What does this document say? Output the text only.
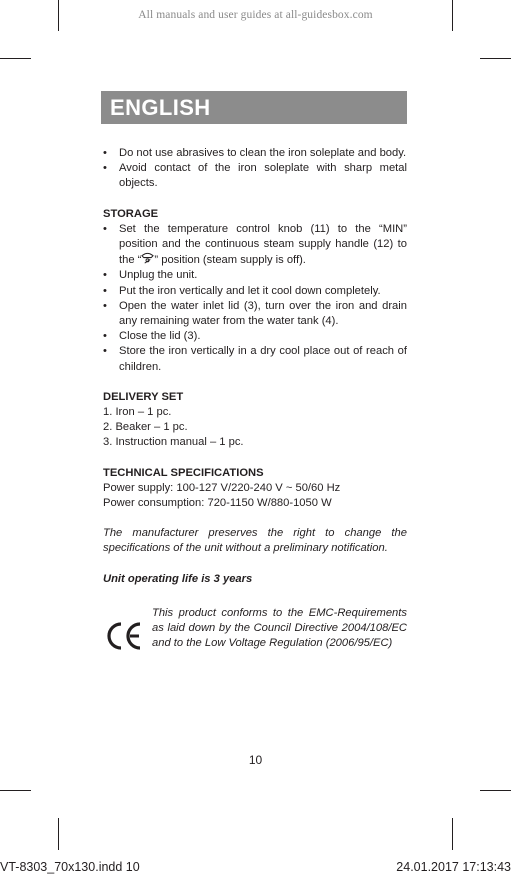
All manuals and user guides at all-guidesbox.com
ENGLISH
• Do not use abrasives to clean the iron soleplate and body.
• Avoid contact of the iron soleplate with sharp metal objects.
STORAGE
• Set the temperature control knob (11) to the “MIN” position and the continuous steam supply handle (12) to the “ ” position (steam supply is off).
• Unplug the unit.
• Put the iron vertically and let it cool down completely.
• Open the water inlet lid (3), turn over the iron and drain any remaining water from the water tank (4).
• Close the lid (3).
• Store the iron vertically in a dry cool place out of reach of children.
DELIVERY SET
1. Iron – 1 pc.
2. Beaker – 1 pc.
3. Instruction manual – 1 pc.
TECHNICAL SPECIFICATIONS
Power supply: 100-127 V/220-240 V ~ 50/60 Hz
Power consumption: 720-1150 W/880-1050 W
The manufacturer preserves the right to change the specifications of the unit without a preliminary notification.
Unit operating life is 3 years
This product conforms to the EMC-Requirements as laid down by the Council Directive 2004/108/EC and to the Low Voltage Regulation (2006/95/EC)
10
VT-8303_70x130.indd 10	24.01.2017 17:13:43
